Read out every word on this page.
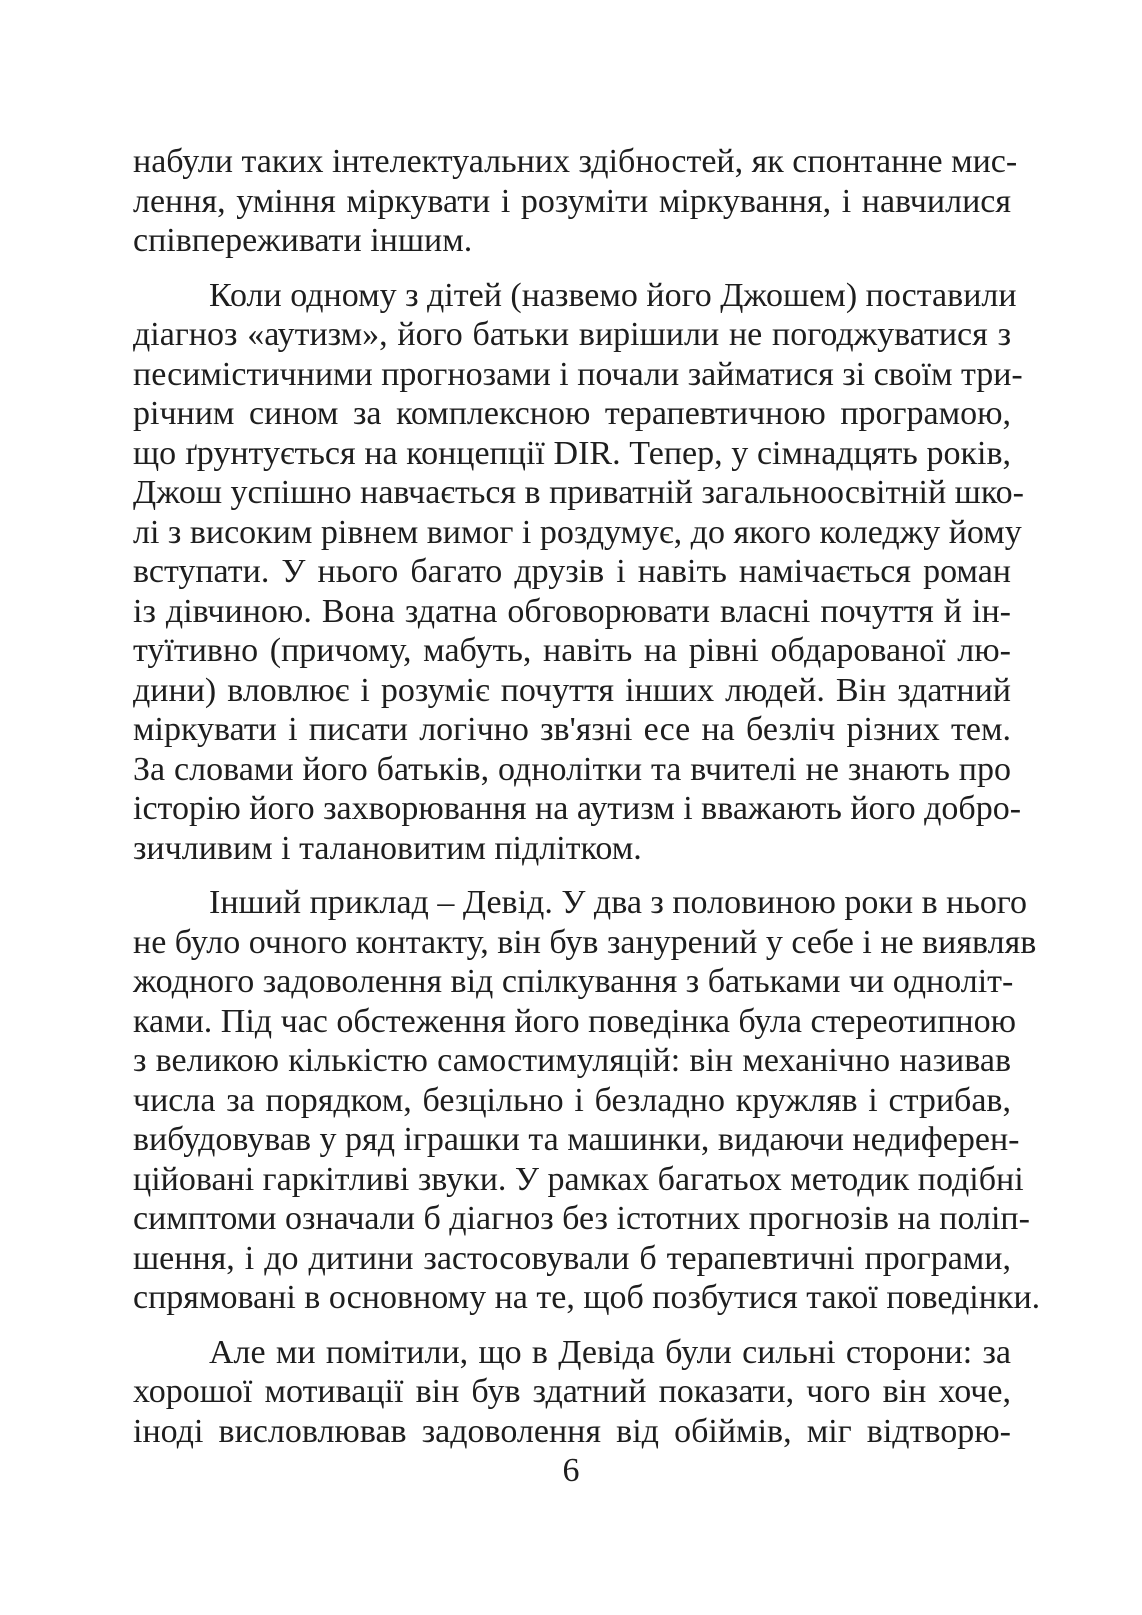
набули таких інтелектуальних здібностей, як спонтанне мис-
лення, уміння міркувати і розуміти міркування, і навчилися
співпереживати іншим.
Коли одному з дітей (назвемо його Джошем) поставили
діагноз «аутизм», його батьки вирішили не погоджуватися з
песимістичними прогнозами і почали займатися зі своїм три-
річним сином за комплексною терапевтичною програмою,
що ґрунтується на концепції DIR. Тепер, у сімнадцять років,
Джош успішно навчається в приватній загальноосвітній шко-
лі з високим рівнем вимог і роздумує, до якого коледжу йому
вступати. У нього багато друзів і навіть намічається роман
із дівчиною. Вона здатна обговорювати власні почуття й ін-
туїтивно (причому, мабуть, навіть на рівні обдарованої лю-
дини) вловлює і розуміє почуття інших людей. Він здатний
міркувати і писати логічно зв'язні есе на безліч різних тем.
За словами його батьків, однолітки та вчителі не знають про
історію його захворювання на аутизм і вважають його добро-
зичливим і талановитим підлітком.
Інший приклад – Девід. У два з половиною роки в нього
не було очного контакту, він був занурений у себе і не виявляв
жодного задоволення від спілкування з батьками чи одноліт-
ками. Під час обстеження його поведінка була стереотипною
з великою кількістю самостимуляцій: він механічно називав
числа за порядком, безцільно і безладно кружляв і стрибав,
вибудовував у ряд іграшки та машинки, видаючи недиферен-
ційовані гаркітливі звуки. У рамках багатьох методик подібні
симптоми означали б діагноз без істотних прогнозів на поліп-
шення, і до дитини застосовували б терапевтичні програми,
спрямовані в основному на те, щоб позбутися такої поведінки.
Але ми помітили, що в Девіда були сильні сторони: за
хорошої мотивації він був здатний показати, чого він хоче,
іноді висловлював задоволення від обіймів, міг відтворю-
6
